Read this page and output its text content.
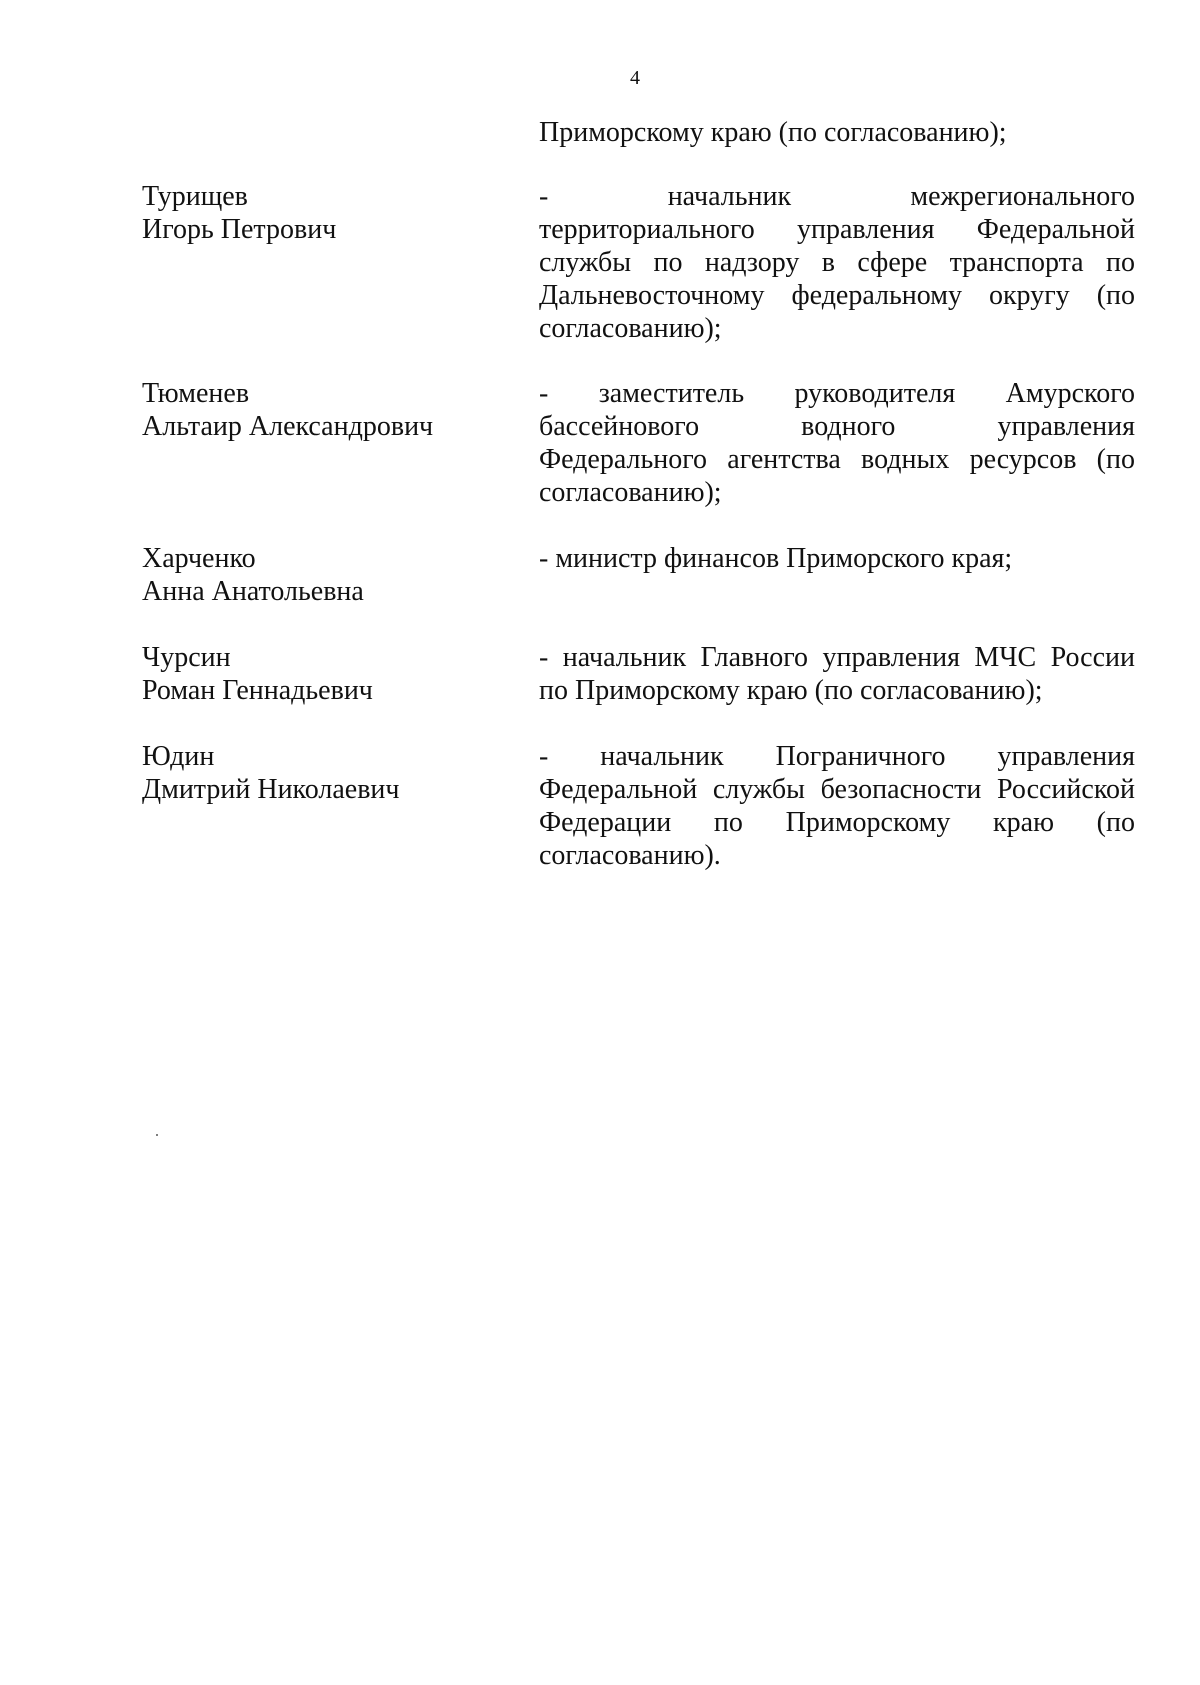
4
Приморскому краю (по согласованию);
Турищев
Игорь Петрович
- начальник межрегионального
территориального управления Федеральной
службы по надзору в сфере транспорта по
Дальневосточному федеральному округу (по
согласованию);
Тюменев
Альтаир Александрович
- заместитель руководителя Амурского
бассейнового водного управления
Федерального агентства водных ресурсов (по
согласованию);
Харченко
Анна Анатольевна
- министр финансов Приморского края;
Чурсин
Роман Геннадьевич
- начальник Главного управления МЧС России
по Приморскому краю (по согласованию);
Юдин
Дмитрий Николаевич
- начальник Пограничного управления
Федеральной службы безопасности Российской
Федерации по Приморскому краю (по
согласованию).
